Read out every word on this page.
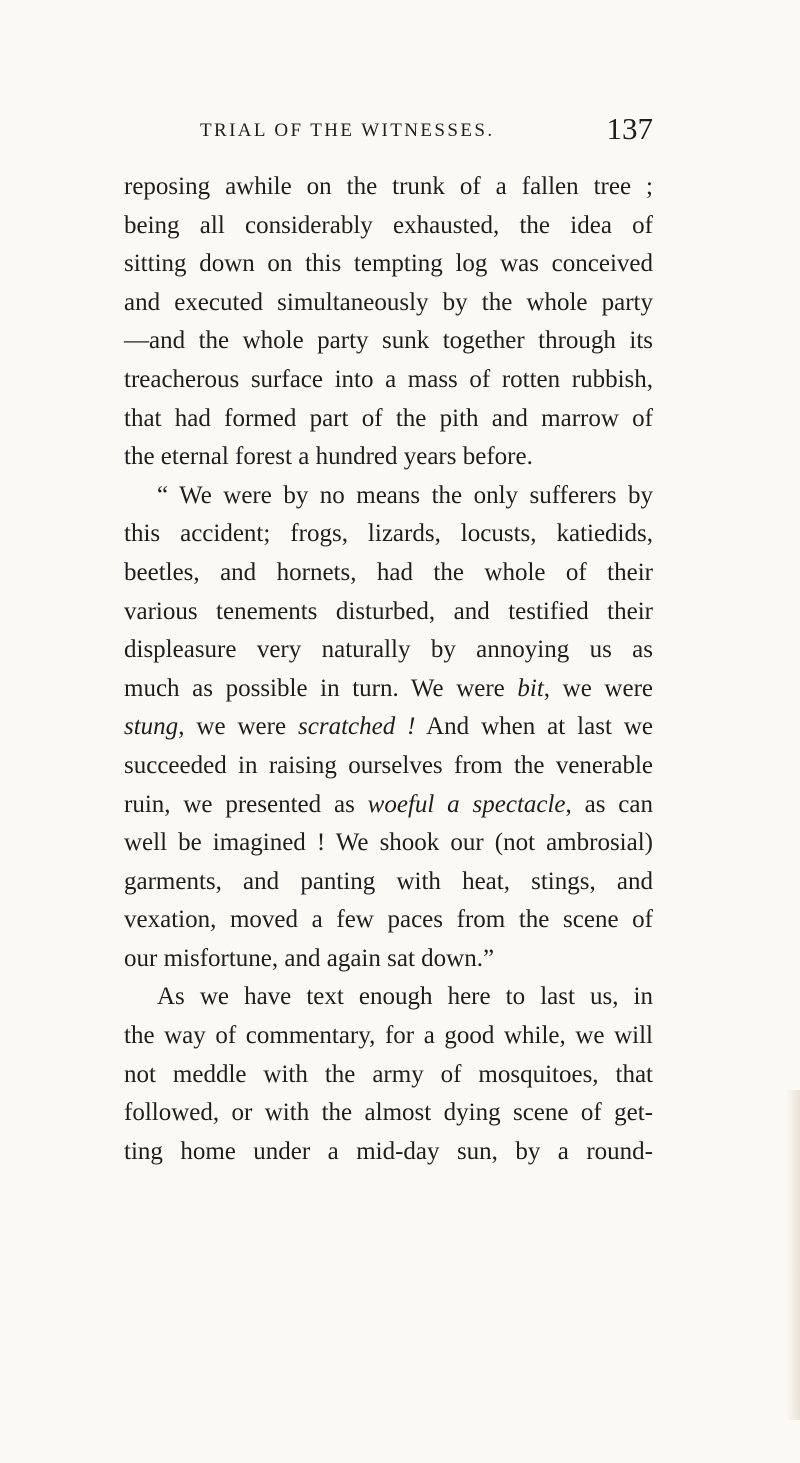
TRIAL OF THE WITNESSES.	137
reposing awhile on the trunk of a fallen tree ;
being all considerably exhausted, the idea of
sitting down on this tempting log was conceived
and executed simultaneously by the whole party
—and the whole party sunk together through its
treacherous surface into a mass of rotten rubbish,
that had formed part of the pith and marrow of
the eternal forest a hundred years before.
“ We were by no means the only sufferers by
this accident; frogs, lizards, locusts, katiedids,
beetles, and hornets, had the whole of their
various tenements disturbed, and testified their
displeasure very naturally by annoying us as
much as possible in turn. We were bit, we were
stung, we were scratched ! And when at last we
succeeded in raising ourselves from the venerable
ruin, we presented as woeful a spectacle, as can
well be imagined ! We shook our (not ambrosial)
garments, and panting with heat, stings, and
vexation, moved a few paces from the scene of
our misfortune, and again sat down.”
As we have text enough here to last us, in
the way of commentary, for a good while, we will
not meddle with the army of mosquitoes, that
followed, or with the almost dying scene of get-
ting home under a mid-day sun, by a round-
